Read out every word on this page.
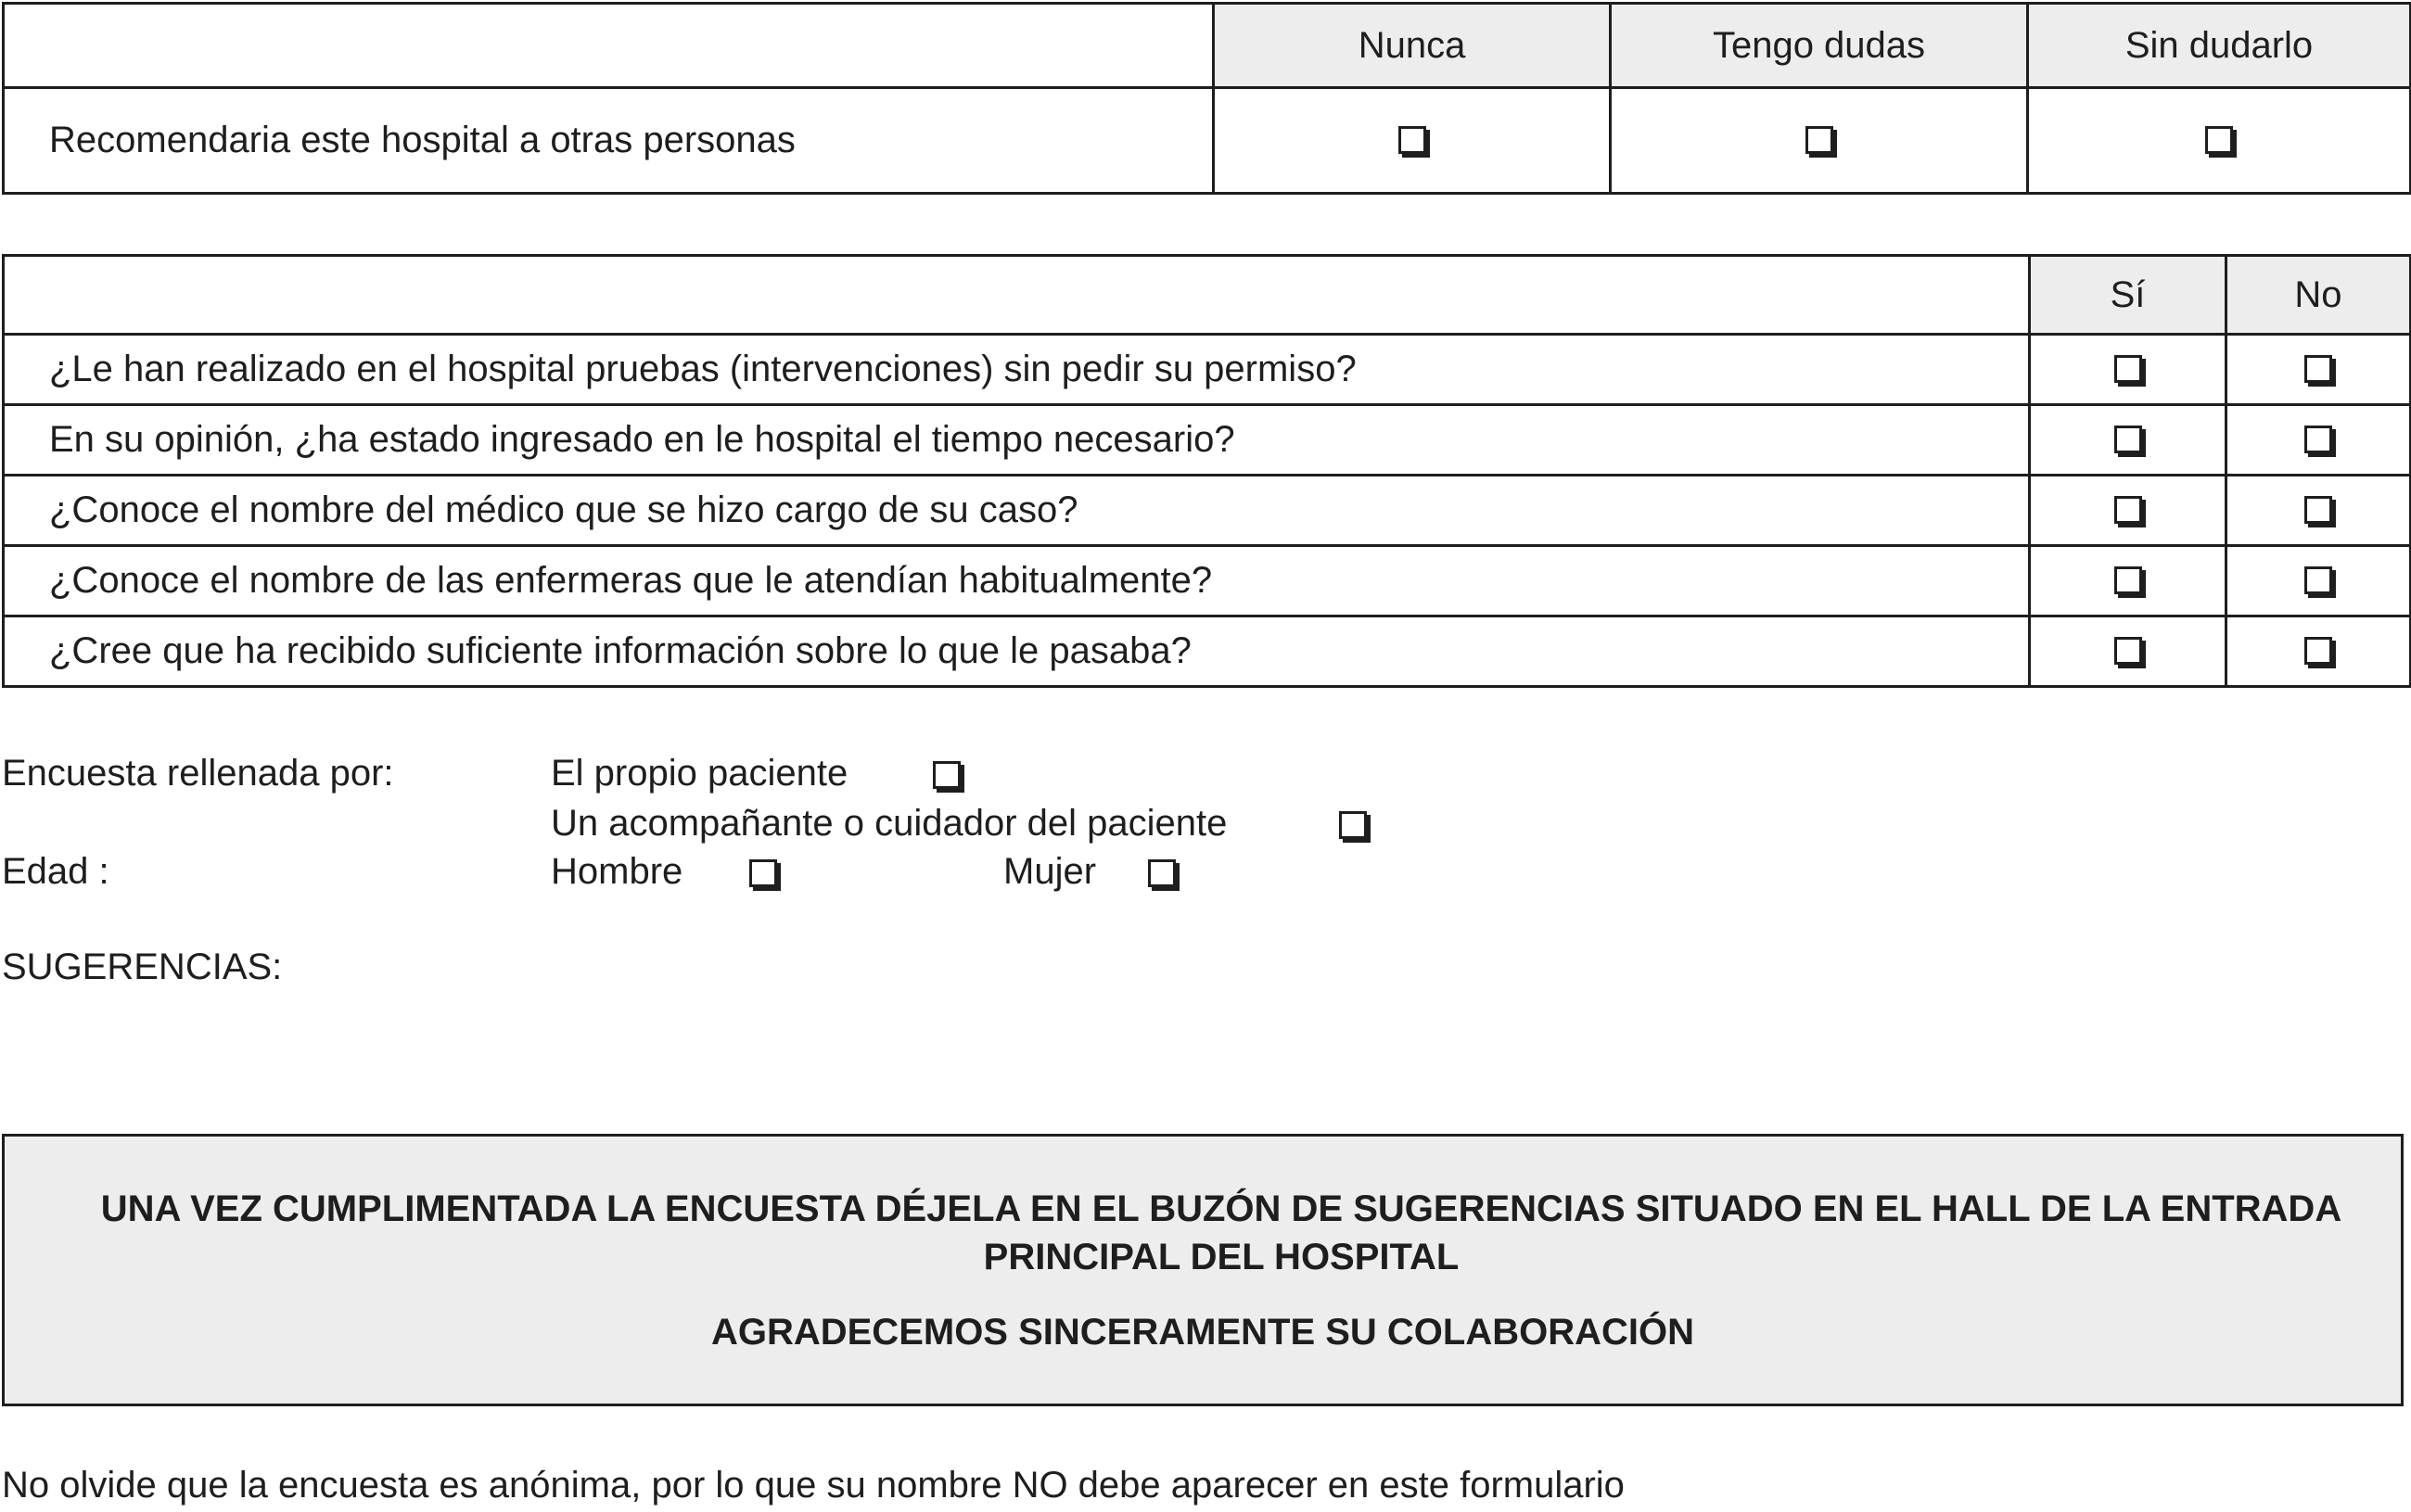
	Nunca	Tengo dudas	Sin dudarlo
Recomendaria este hospital a otras personas			
	Sí	No
¿Le han realizado en el hospital pruebas (intervenciones) sin pedir su permiso?		
En su opinión, ¿ha estado ingresado en le hospital el tiempo necesario?		
¿Conoce el nombre del médico que se hizo cargo de su caso?		
¿Conoce el nombre de las enfermeras que le atendían habitualmente?		
¿Cree que ha recibido suficiente información sobre lo que le pasaba?		
Encuesta rellenada por:	El propio paciente
Un acompañante o cuidador del paciente
Edad :	Hombre	Mujer
SUGERENCIAS:
UNA VEZ CUMPLIMENTADA LA ENCUESTA DÉJELA EN EL BUZÓN DE SUGERENCIAS SITUADO EN EL HALL DE LA ENTRADA PRINCIPAL DEL HOSPITAL
AGRADECEMOS SINCERAMENTE SU COLABORACIÓN
No olvide que la encuesta es anónima, por lo que su nombre NO debe aparecer en este formulario
